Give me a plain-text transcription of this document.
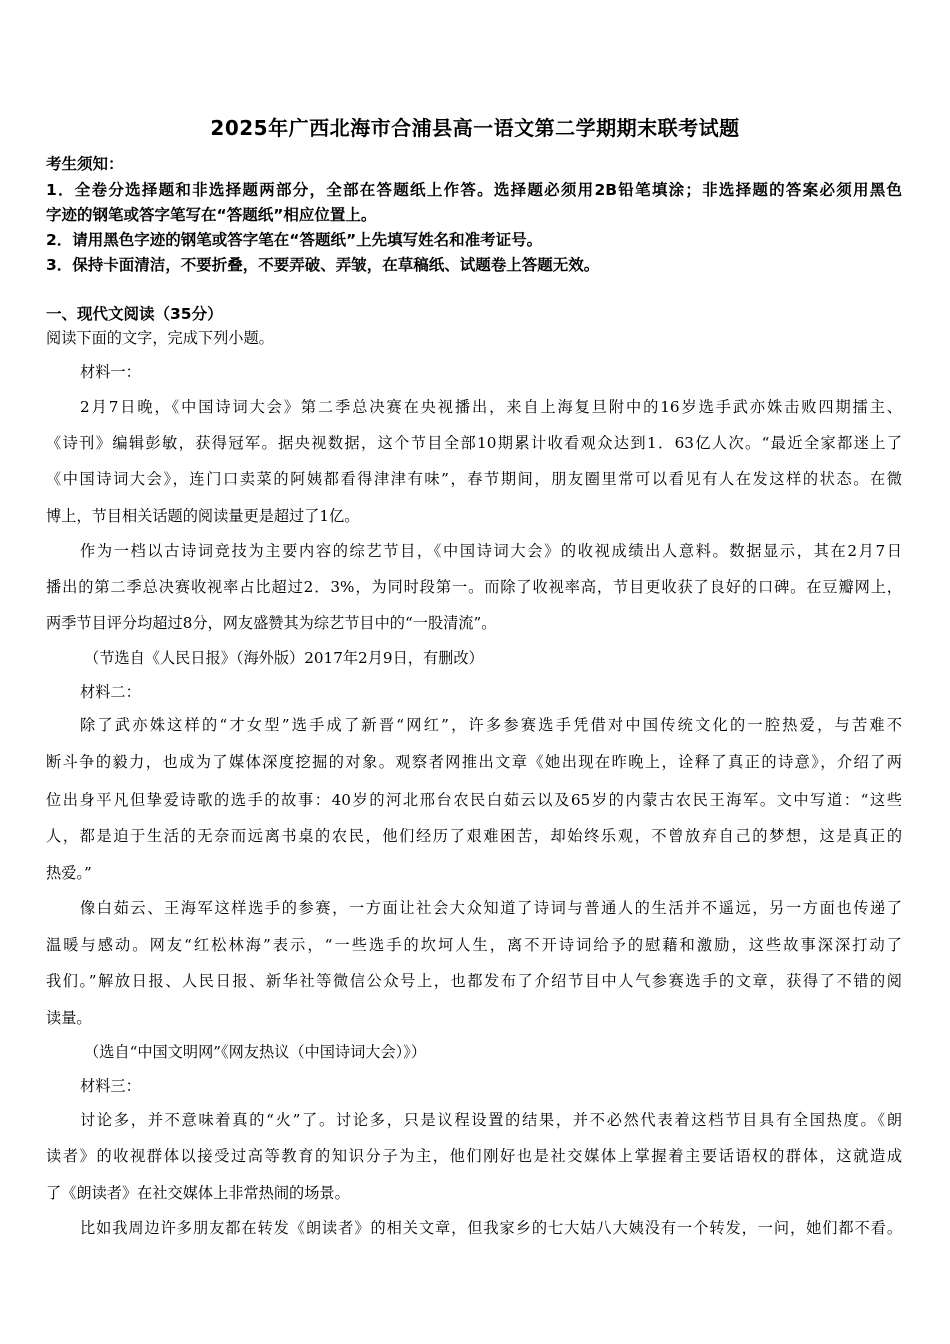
2025年广西北海市合浦县高一语文第二学期期末联考试题
考生须知：
1．全卷分选择题和非选择题两部分，全部在答题纸上作答。选择题必须用2B铅笔填涂；非选择题的答案必须用黑色
字迹的钢笔或答字笔写在“答题纸”相应位置上。
2．请用黑色字迹的钢笔或答字笔在“答题纸”上先填写姓名和准考证号。
3．保持卡面清洁，不要折叠，不要弄破、弄皱，在草稿纸、试题卷上答题无效。
一、现代文阅读（35分）
阅读下面的文字，完成下列小题。
材料一：
2月7日晚，《中国诗词大会》第二季总决赛在央视播出，来自上海复旦附中的16岁选手武亦姝击败四期擂主、
《诗刊》编辑彭敏，获得冠军。据央视数据，这个节目全部10期累计收看观众达到1．63亿人次。“最近全家都迷上了
《中国诗词大会》，连门口卖菜的阿姨都看得津津有味”，春节期间，朋友圈里常可以看见有人在发这样的状态。在微
博上，节目相关话题的阅读量更是超过了1亿。
作为一档以古诗词竞技为主要内容的综艺节目，《中国诗词大会》的收视成绩出人意料。数据显示，其在2月7日
播出的第二季总决赛收视率占比超过2．3%，为同时段第一。而除了收视率高，节目更收获了良好的口碑。在豆瓣网上，
两季节目评分均超过8分，网友盛赞其为综艺节目中的“一股清流”。
（节选自《人民日报》（海外版）2017年2月9日，有删改）
材料二：
除了武亦姝这样的“才女型”选手成了新晋“网红”，许多参赛选手凭借对中国传统文化的一腔热爱，与苦难不
断斗争的毅力，也成为了媒体深度挖掘的对象。观察者网推出文章《她出现在昨晚上，诠释了真正的诗意》，介绍了两
位出身平凡但挚爱诗歌的选手的故事：40岁的河北邢台农民白茹云以及65岁的内蒙古农民王海军。文中写道：“这些
人，都是迫于生活的无奈而远离书桌的农民，他们经历了艰难困苦，却始终乐观，不曾放弃自己的梦想，这是真正的
热爱。”
像白茹云、王海军这样选手的参赛，一方面让社会大众知道了诗词与普通人的生活并不遥远，另一方面也传递了
温暖与感动。网友“红松林海”表示，“一些选手的坎坷人生，离不开诗词给予的慰藉和激励，这些故事深深打动了
我们。”解放日报、人民日报、新华社等微信公众号上，也都发布了介绍节目中人气参赛选手的文章，获得了不错的阅
读量。
（选自“中国文明网”《网友热议（中国诗词大会）》）
材料三：
讨论多，并不意味着真的“火”了。讨论多，只是议程设置的结果，并不必然代表着这档节目具有全国热度。《朗
读者》的收视群体以接受过高等教育的知识分子为主，他们刚好也是社交媒体上掌握着主要话语权的群体，这就造成
了《朗读者》在社交媒体上非常热闹的场景。
比如我周边许多朋友都在转发《朗读者》的相关文章，但我家乡的七大姑八大姨没有一个转发，一问，她们都不看。
